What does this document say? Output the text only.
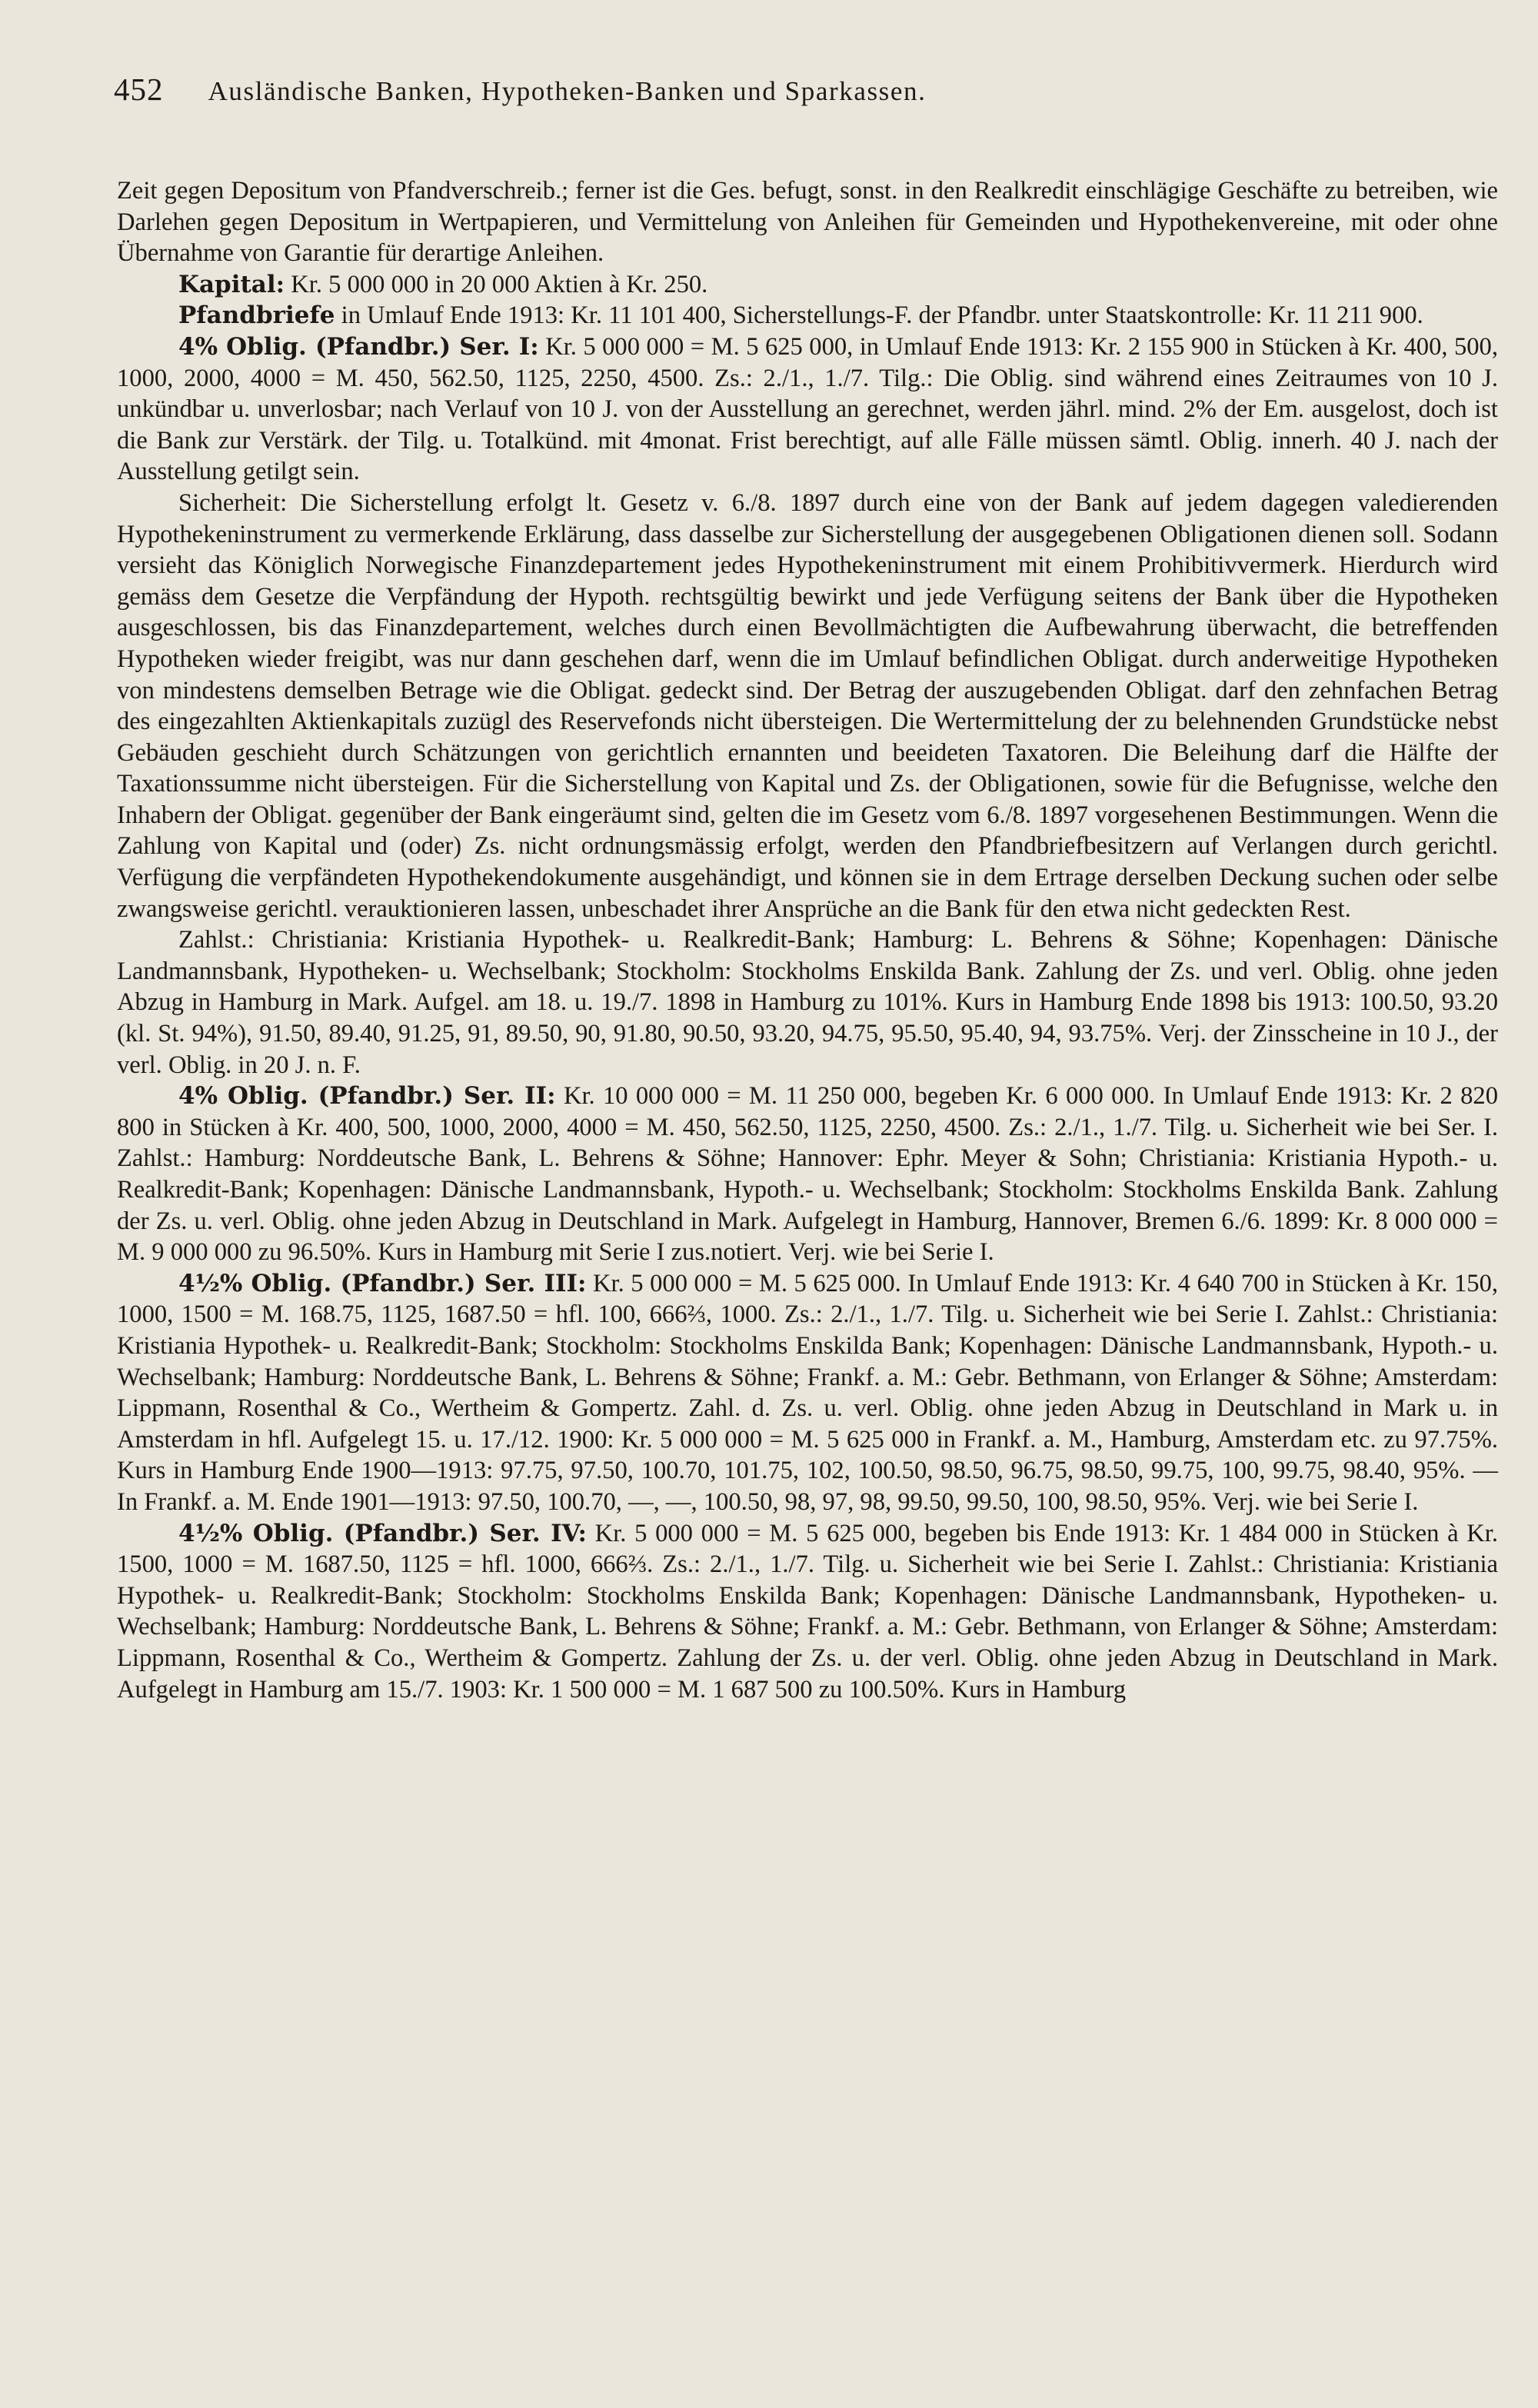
452 Ausländische Banken, Hypotheken-Banken und Sparkassen.

Zeit gegen Depositum von Pfandverschreib.; ferner ist die Ges. befugt, sonst. in den Realkredit einschlägige Geschäfte zu betreiben, wie Darlehen gegen Depositum in Wertpapieren, und Vermittelung von Anleihen für Gemeinden und Hypothekenvereine, mit oder ohne Übernahme von Garantie für derartige Anleihen.

Kapital: Kr. 5 000 000 in 20 000 Aktien à Kr. 250.

Pfandbriefe in Umlauf Ende 1913: Kr. 11 101 400, Sicherstellungs-F. der Pfandbr. unter Staatskontrolle: Kr. 11 211 900.

4% Oblig. (Pfandbr.) Ser. I: Kr. 5 000 000 = M. 5 625 000, in Umlauf Ende 1913: Kr. 2 155 900 in Stücken à Kr. 400, 500, 1000, 2000, 4000 = M. 450, 562.50, 1125, 2250, 4500. Zs.: 2./1., 1./7. Tilg.: Die Oblig. sind während eines Zeitraumes von 10 J. unkündbar u. unverlosbar; nach Verlauf von 10 J. von der Ausstellung an gerechnet, werden jährl. mind. 2% der Em. ausgelost, doch ist die Bank zur Verstärk. der Tilg. u. Totalkünd. mit 4monat. Frist berechtigt, auf alle Fälle müssen sämtl. Oblig. innerh. 40 J. nach der Ausstellung getilgt sein.

Sicherheit: Die Sicherstellung erfolgt lt. Gesetz v. 6./8. 1897 durch eine von der Bank auf jedem dagegen valedierenden Hypothekeninstrument zu vermerkende Erklärung, dass dasselbe zur Sicherstellung der ausgegebenen Obligationen dienen soll. Sodann versieht das Königlich Norwegische Finanzdepartement jedes Hypothekeninstrument mit einem Prohibitivvermerk. Hierdurch wird gemäss dem Gesetze die Verpfändung der Hypoth. rechtsgültig bewirkt und jede Verfügung seitens der Bank über die Hypotheken ausgeschlossen, bis das Finanzdepartement, welches durch einen Bevollmächtigten die Aufbewahrung überwacht, die betreffenden Hypotheken wieder freigibt, was nur dann geschehen darf, wenn die im Umlauf befindlichen Obligat. durch anderweitige Hypotheken von mindestens demselben Betrage wie die Obligat. gedeckt sind. Der Betrag der auszugebenden Obligat. darf den zehnfachen Betrag des eingezahlten Aktienkapitals zuzügl des Reservefonds nicht übersteigen. Die Wertermittelung der zu belehnenden Grundstücke nebst Gebäuden geschieht durch Schätzungen von gerichtlich ernannten und beeideten Taxatoren. Die Beleihung darf die Hälfte der Taxationssumme nicht übersteigen. Für die Sicherstellung von Kapital und Zs. der Obligationen, sowie für die Befugnisse, welche den Inhabern der Obligat. gegenüber der Bank eingeräumt sind, gelten die im Gesetz vom 6./8. 1897 vorgesehenen Bestimmungen. Wenn die Zahlung von Kapital und (oder) Zs. nicht ordnungsmässig erfolgt, werden den Pfandbriefbesitzern auf Verlangen durch gerichtl. Verfügung die verpfändeten Hypothekendokumente ausgehändigt, und können sie in dem Ertrage derselben Deckung suchen oder selbe zwangsweise gerichtl. verauktionieren lassen, unbeschadet ihrer Ansprüche an die Bank für den etwa nicht gedeckten Rest.

Zahlst.: Christiania: Kristiania Hypothek- u. Realkredit-Bank; Hamburg: L. Behrens & Söhne; Kopenhagen: Dänische Landmannsbank, Hypotheken- u. Wechselbank; Stockholm: Stockholms Enskilda Bank. Zahlung der Zs. und verl. Oblig. ohne jeden Abzug in Hamburg in Mark. Aufgel. am 18. u. 19./7. 1898 in Hamburg zu 101%. Kurs in Hamburg Ende 1898 bis 1913: 100.50, 93.20 (kl. St. 94%), 91.50, 89.40, 91.25, 91, 89.50, 90, 91.80, 90.50, 93.20, 94.75, 95.50, 95.40, 94, 93.75%. Verj. der Zinsscheine in 10 J., der verl. Oblig. in 20 J. n. F.

4% Oblig. (Pfandbr.) Ser. II: Kr. 10 000 000 = M. 11 250 000, begeben Kr. 6 000 000. In Umlauf Ende 1913: Kr. 2 820 800 in Stücken à Kr. 400, 500, 1000, 2000, 4000 = M. 450, 562.50, 1125, 2250, 4500. Zs.: 2./1., 1./7. Tilg. u. Sicherheit wie bei Ser. I. Zahlst.: Hamburg: Norddeutsche Bank, L. Behrens & Söhne; Hannover: Ephr. Meyer & Sohn; Christiania: Kristiania Hypoth.- u. Realkredit-Bank; Kopenhagen: Dänische Landmannsbank, Hypoth.- u. Wechselbank; Stockholm: Stockholms Enskilda Bank. Zahlung der Zs. u. verl. Oblig. ohne jeden Abzug in Deutschland in Mark. Aufgelegt in Hamburg, Hannover, Bremen 6./6. 1899: Kr. 8 000 000 = M. 9 000 000 zu 96.50%. Kurs in Hamburg mit Serie I zus.notiert. Verj. wie bei Serie I.

4½% Oblig. (Pfandbr.) Ser. III: Kr. 5 000 000 = M. 5 625 000. In Umlauf Ende 1913: Kr. 4 640 700 in Stücken à Kr. 150, 1000, 1500 = M. 168.75, 1125, 1687.50 = hfl. 100, 666⅔, 1000. Zs.: 2./1., 1./7. Tilg. u. Sicherheit wie bei Serie I. Zahlst.: Christiania: Kristiania Hypothek- u. Realkredit-Bank; Stockholm: Stockholms Enskilda Bank; Kopenhagen: Dänische Landmannsbank, Hypoth.- u. Wechselbank; Hamburg: Norddeutsche Bank, L. Behrens & Söhne; Frankf. a. M.: Gebr. Bethmann, von Erlanger & Söhne; Amsterdam: Lippmann, Rosenthal & Co., Wertheim & Gompertz. Zahl. d. Zs. u. verl. Oblig. ohne jeden Abzug in Deutschland in Mark u. in Amsterdam in hfl. Aufgelegt 15. u. 17./12. 1900: Kr. 5 000 000 = M. 5 625 000 in Frankf. a. M., Hamburg, Amsterdam etc. zu 97.75%. Kurs in Hamburg Ende 1900—1913: 97.75, 97.50, 100.70, 101.75, 102, 100.50, 98.50, 96.75, 98.50, 99.75, 100, 99.75, 98.40, 95%. — In Frankf. a. M. Ende 1901—1913: 97.50, 100.70, —, —, 100.50, 98, 97, 98, 99.50, 99.50, 100, 98.50, 95%. Verj. wie bei Serie I.

4½% Oblig. (Pfandbr.) Ser. IV: Kr. 5 000 000 = M. 5 625 000, begeben bis Ende 1913: Kr. 1 484 000 in Stücken à Kr. 1500, 1000 = M. 1687.50, 1125 = hfl. 1000, 666⅔. Zs.: 2./1., 1./7. Tilg. u. Sicherheit wie bei Serie I. Zahlst.: Christiania: Kristiania Hypothek- u. Realkredit-Bank; Stockholm: Stockholms Enskilda Bank; Kopenhagen: Dänische Landmannsbank, Hypotheken- u. Wechselbank; Hamburg: Norddeutsche Bank, L. Behrens & Söhne; Frankf. a. M.: Gebr. Bethmann, von Erlanger & Söhne; Amsterdam: Lippmann, Rosenthal & Co., Wertheim & Gompertz. Zahlung der Zs. u. der verl. Oblig. ohne jeden Abzug in Deutschland in Mark. Aufgelegt in Hamburg am 15./7. 1903: Kr. 1 500 000 = M. 1 687 500 zu 100.50%. Kurs in Hamburg
